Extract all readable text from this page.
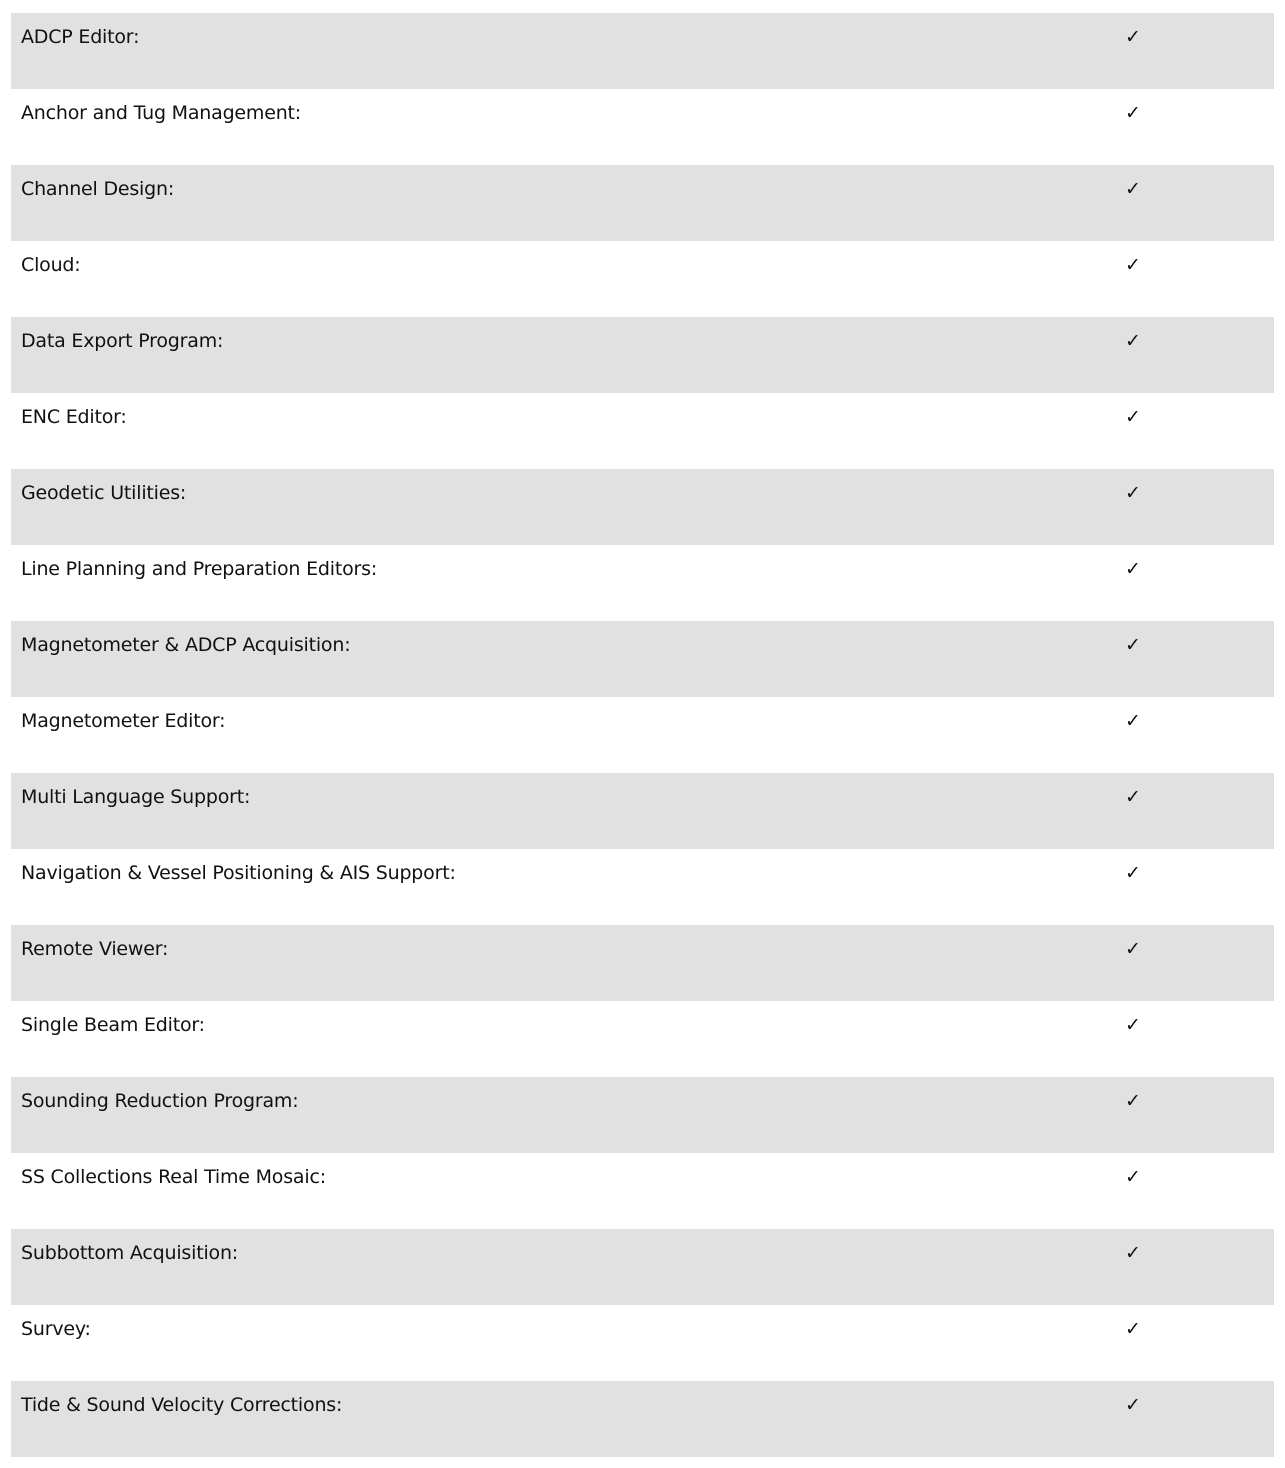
ADCP Editor:	✓
Anchor and Tug Management:	✓
Channel Design:	✓
Cloud:	✓
Data Export Program:	✓
ENC Editor:	✓
Geodetic Utilities:	✓
Line Planning and Preparation Editors:	✓
Magnetometer & ADCP Acquisition:	✓
Magnetometer Editor:	✓
Multi Language Support:	✓
Navigation & Vessel Positioning & AIS Support:	✓
Remote Viewer:	✓
Single Beam Editor:	✓
Sounding Reduction Program:	✓
SS Collections Real Time Mosaic:	✓
Subbottom Acquisition:	✓
Survey:	✓
Tide & Sound Velocity Corrections:	✓
